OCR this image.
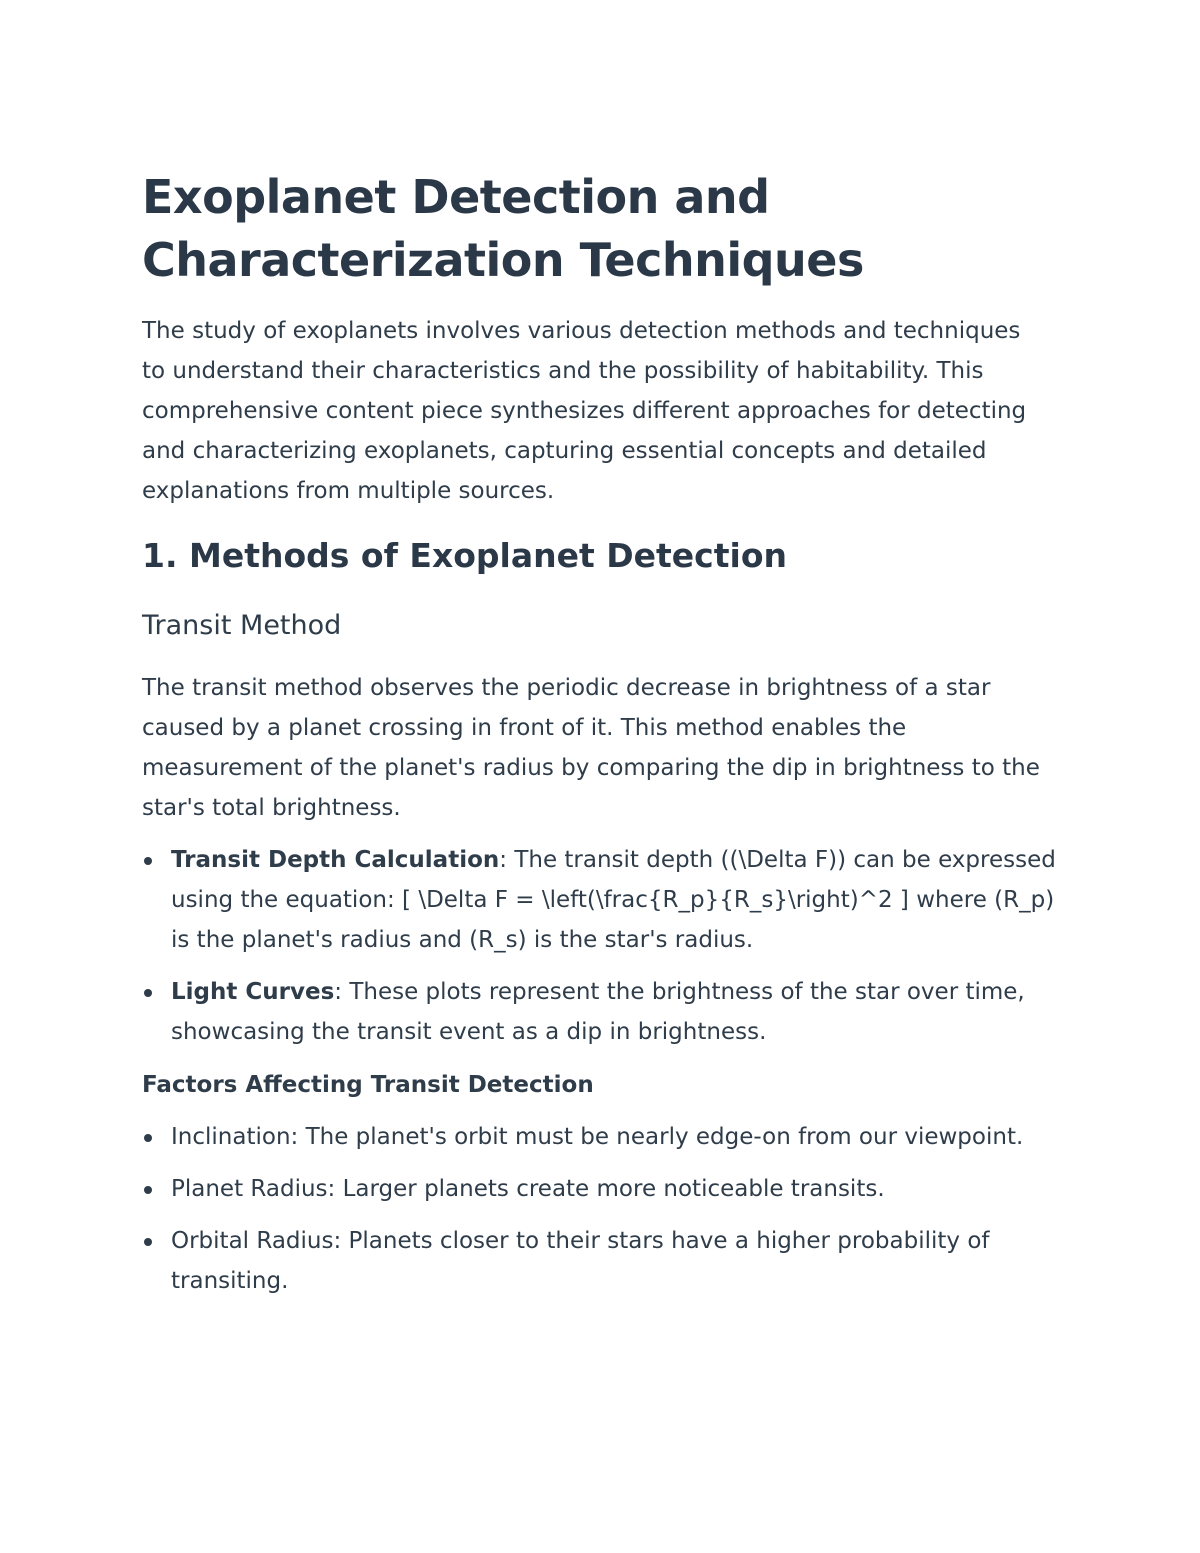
Exoplanet Detection and Characterization Techniques

The study of exoplanets involves various detection methods and techniques to understand their characteristics and the possibility of habitability. This comprehensive content piece synthesizes different approaches for detecting and characterizing exoplanets, capturing essential concepts and detailed explanations from multiple sources.

1. Methods of Exoplanet Detection
Transit Method

The transit method observes the periodic decrease in brightness of a star caused by a planet crossing in front of it. This method enables the measurement of the planet's radius by comparing the dip in brightness to the star's total brightness.

Transit Depth Calculation: The transit depth ((\Delta F)) can be expressed using the equation: [ \Delta F = \left(\frac{R_p}{R_s}\right)^2 ] where (R_p) is the planet's radius and (R_s) is the star's radius.
Light Curves: These plots represent the brightness of the star over time, showcasing the transit event as a dip in brightness.
Factors Affecting Transit Detection
Inclination: The planet's orbit must be nearly edge-on from our viewpoint.
Planet Radius: Larger planets create more noticeable transits.
Orbital Radius: Planets closer to their stars have a higher probability of transiting.
